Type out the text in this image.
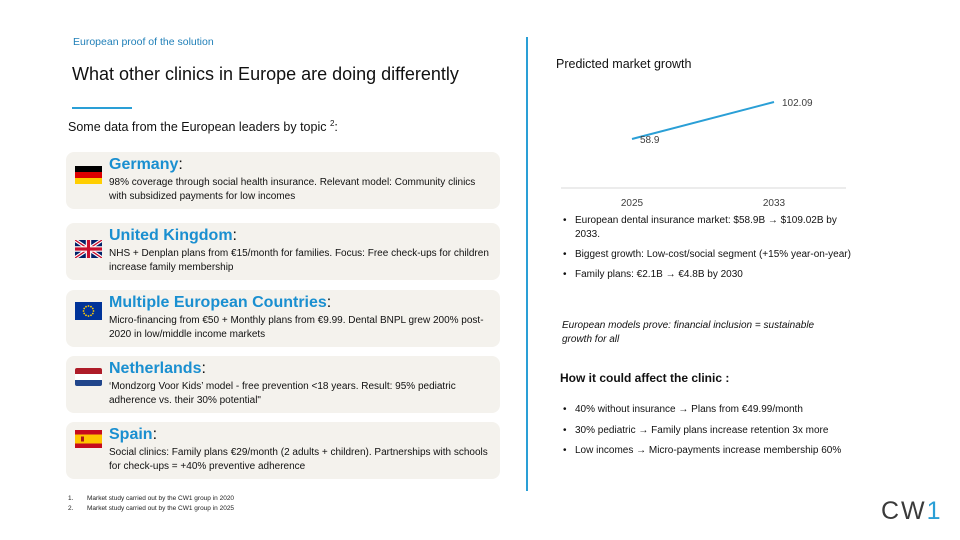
European proof of the solution
What other clinics in Europe are doing differently
Some data from the European leaders by topic $^2$:
Germany:
98% coverage through social health insurance. Relevant model: Community clinics with subsidized payments for low incomes
United Kingdom:
NHS + Denplan plans from €15/month for families. Focus: Free check-ups for children increase family membership
Multiple European Countries:
Micro-financing from €50 + Monthly plans from €9.99. Dental BNPL grew 200% post-2020 in low/middle income markets
Netherlands:
‘Mondzorg Voor Kids’ model - free prevention <18 years. Result: 95% pediatric adherence vs. their 30% potential"
Spain:
Social clinics: Family plans €29/month (2 adults + children). Partnerships with schools for check-ups = +40% preventive adherence
Predicted market growth
58.9
102.09
2025	2033
• European dental insurance market: $58.9B → $109.02B by 2033.
• Biggest growth: Low-cost/social segment (+15% year-on-year)
• Family plans: €2.1B → €4.8B by 2030
European models prove: financial inclusion = sustainable growth for all
How it could affect the clinic :
• 40% without insurance → Plans from €49.99/month
• 30% pediatric → Family plans increase retention 3x more
• Low incomes → Micro-payments increase membership 60%
1. Market study carried out by the CW1 group in 2020
2. Market study carried out by the CW1 group in 2025	CW1
